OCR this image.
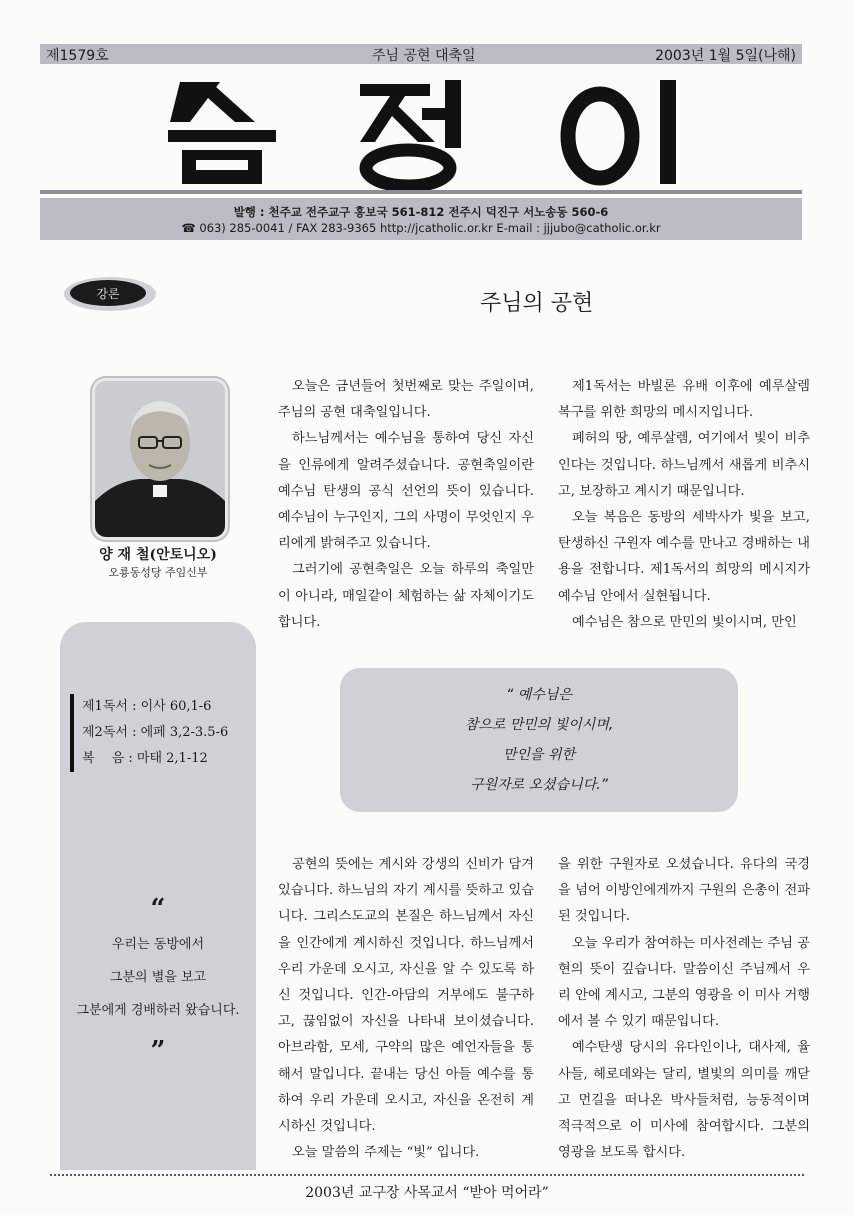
제1579호	주님 공현 대축일	2003년 1월 5일(나해)
발행 : 천주교 전주교구 홍보국 561-812 전주시 덕진구 서노송동 560-6
☎ 063) 285-0041 / FAX 283-9365 http://jcatholic.or.kr E-mail : jjjubo@catholic.or.kr
강론	주님의 공현
양 재 철(안토니오)
오룡동성당 주임신부
제1독서 : 이사 60,1-6
제2독서 : 에페 3,2-3.5-6
복　 음 : 마태 2,1-12
“
우리는 동방에서
그분의 별을 보고
그분에게 경배하러 왔습니다.
”

오늘은 금년들어 첫번째로 맞는 주일이며, 주님의 공현 대축일입니다.

하느님께서는 예수님을 통하여 당신 자신을 인류에게 알려주셨습니다. 공현축일이란 예수님 탄생의 공식 선언의 뜻이 있습니다. 예수님이 누구인지, 그의 사명이 무엇인지 우리에게 밝혀주고 있습니다.

그러기에 공현축일은 오늘 하루의 축일만이 아니라, 매일같이 체험하는 삶 자체이기도 합니다.

제1독서는 바빌론 유배 이후에 예루살렘 복구를 위한 희망의 메시지입니다.

폐허의 땅, 예루살렘, 여기에서 빛이 비추인다는 것입니다. 하느님께서 새롭게 비추시고, 보장하고 계시기 때문입니다.

오늘 복음은 동방의 세박사가 빛을 보고, 탄생하신 구원자 예수를 만나고 경배하는 내용을 전합니다. 제1독서의 희망의 메시지가 예수님 안에서 실현됩니다.

예수님은 참으로 만민의 빛이시며, 만인

“ 예수님은
참으로 만민의 빛이시며,
만인을 위한
구원자로 오셨습니다.”

공현의 뜻에는 계시와 강생의 신비가 담겨 있습니다. 하느님의 자기 계시를 뜻하고 있습니다. 그리스도교의 본질은 하느님께서 자신을 인간에게 계시하신 것입니다. 하느님께서 우리 가운데 오시고, 자신을 알 수 있도록 하신 것입니다. 인간-아담의 거부에도 불구하고, 끊임없이 자신을 나타내 보이셨습니다. 아브라함, 모세, 구약의 많은 예언자들을 통해서 말입니다. 끝내는 당신 아들 예수를 통하여 우리 가운데 오시고, 자신을 온전히 계시하신 것입니다.

오늘 말씀의 주제는 “빛” 입니다.

을 위한 구원자로 오셨습니다. 유다의 국경을 넘어 이방인에게까지 구원의 은총이 전파된 것입니다.

오늘 우리가 참여하는 미사전례는 주님 공현의 뜻이 깊습니다. 말씀이신 주님께서 우리 안에 계시고, 그분의 영광을 이 미사 거행에서 볼 수 있기 때문입니다.

예수탄생 당시의 유다인이나, 대사제, 율사들, 헤로데와는 달리, 별빛의 의미를 깨닫고 먼길을 떠나온 박사들처럼, 능동적이며 적극적으로 이 미사에 참여합시다. 그분의 영광을 보도록 합시다.

2003년 교구장 사목교서 “받아 먹어라”
